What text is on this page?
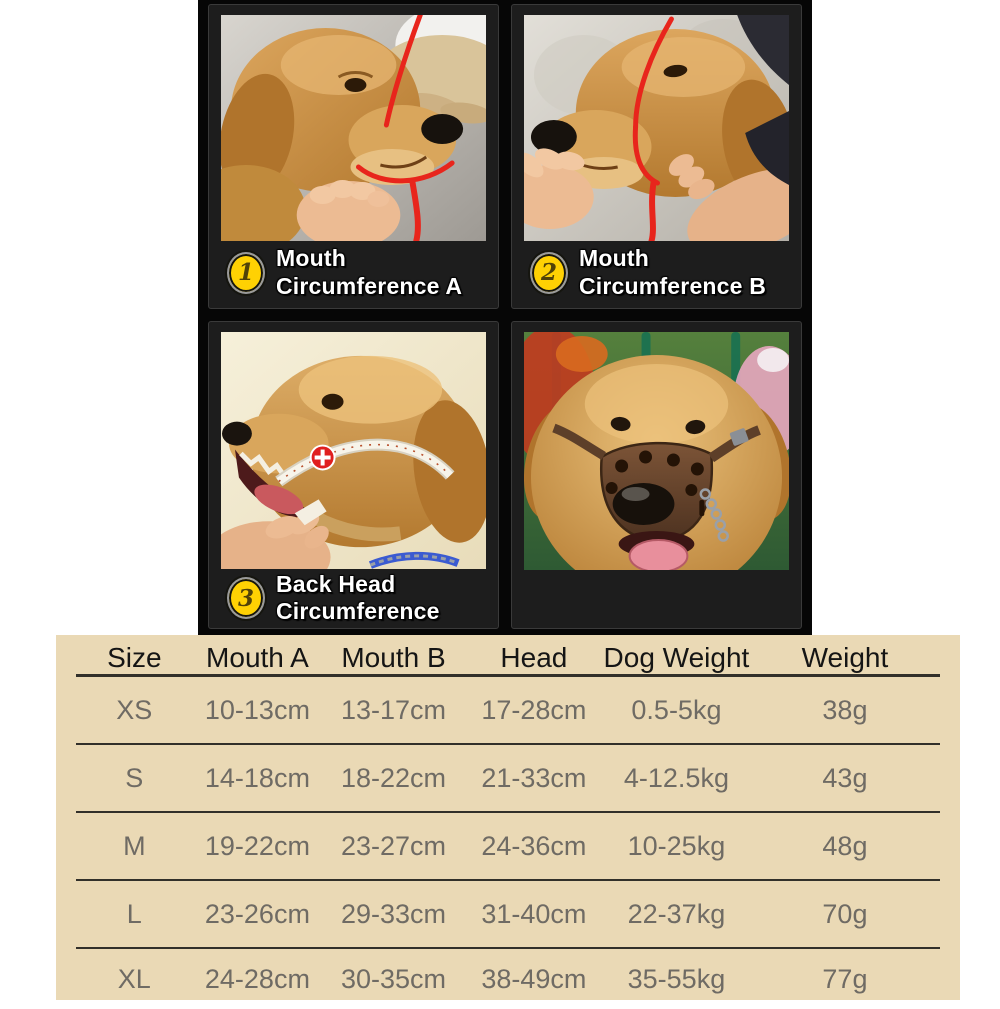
1
Mouth
Circumference A	2
Mouth
Circumference B
3
Back Head
Circumference
Size	Mouth A	Mouth B	Head	Dog Weight	Weight
XS	10-13cm	13-17cm	17-28cm	0.5-5kg	38g
S	14-18cm	18-22cm	21-33cm	4-12.5kg	43g
M	19-22cm	23-27cm	24-36cm	10-25kg	48g
L	23-26cm	29-33cm	31-40cm	22-37kg	70g
XL	24-28cm	30-35cm	38-49cm	35-55kg	77g
